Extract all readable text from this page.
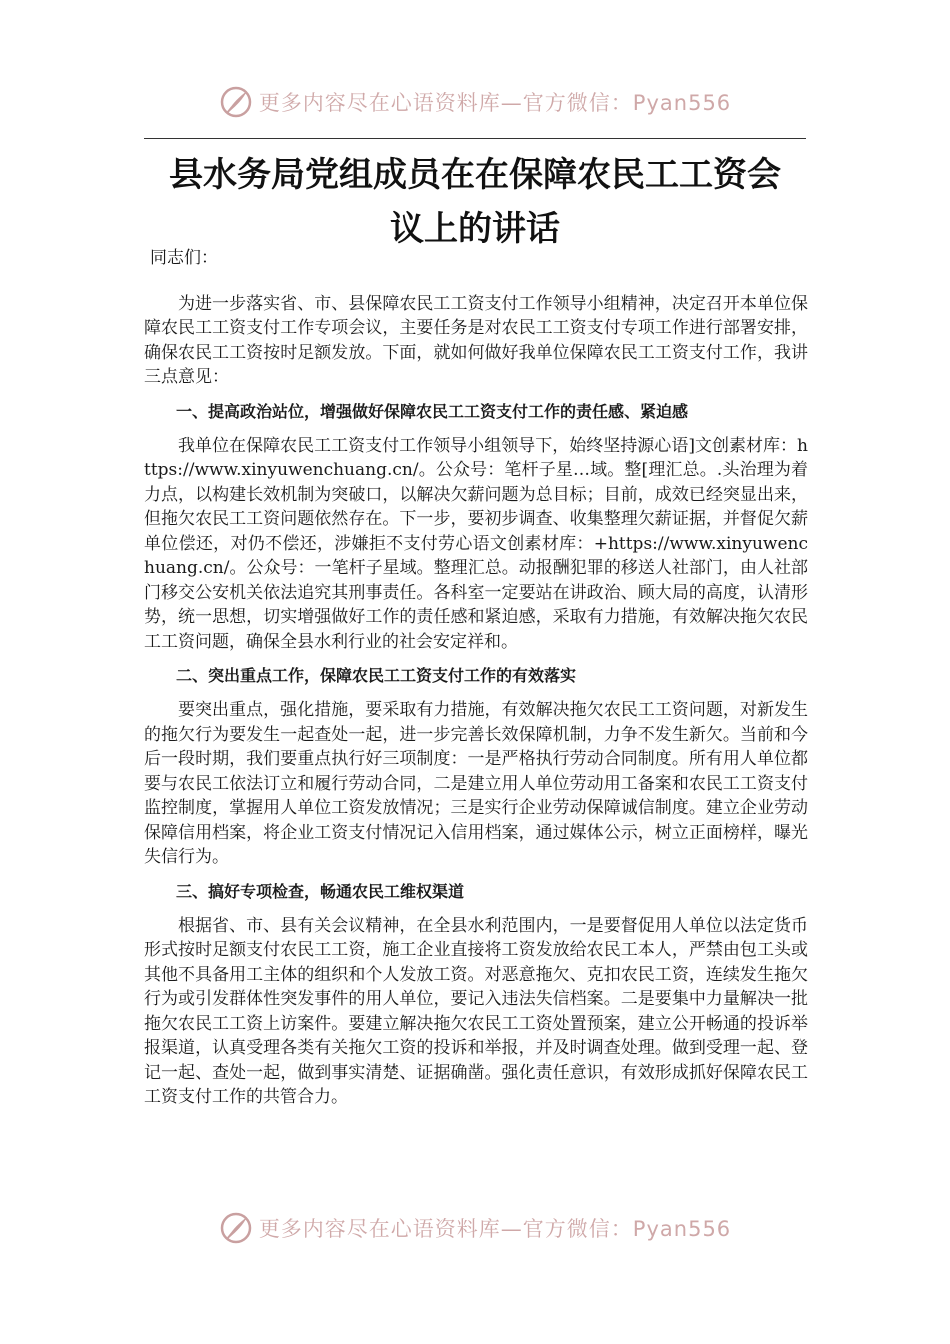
更多内容尽在心语资料库—官方微信：Pyan556
县水务局党组成员在在保障农民工工资会
议上的讲话

同志们：

为进一步落实省、市、县保障农民工工资支付工作领导小组精神，决定召开本单位保障农民工工资支付工作专项会议，主要任务是对农民工工资支付专项工作进行部署安排，确保农民工工资按时足额发放。下面，就如何做好我单位保障农民工工资支付工作，我讲三点意见：

一、提高政治站位，增强做好保障农民工工资支付工作的责任感、紧迫感

我单位在保障农民工工资支付工作领导小组领导下，始终坚持源心语]文创素材库：https://www.xinyuwenchuang.cn/。公众号：笔杆子星…域。整[理汇总。.头治理为着力点，以构建长效机制为突破口，以解决欠薪问题为总目标；目前，成效已经突显出来，但拖欠农民工工资问题依然存在。下一步，要初步调查、收集整理欠薪证据，并督促欠薪单位偿还，对仍不偿还，涉嫌拒不支付劳心语文创素材库：+https://www.xinyuwenchuang.cn/。公众号：一笔杆子星域。整理汇总。动报酬犯罪的移送人社部门，由人社部门移交公安机关依法追究其刑事责任。各科室一定要站在讲政治、顾大局的高度，认清形势，统一思想，切实增强做好工作的责任感和紧迫感，采取有力措施，有效解决拖欠农民工工资问题，确保全县水利行业的社会安定祥和。

二、突出重点工作，保障农民工工资支付工作的有效落实

要突出重点，强化措施，要采取有力措施，有效解决拖欠农民工工资问题，对新发生的拖欠行为要发生一起查处一起，进一步完善长效保障机制，力争不发生新欠。当前和今后一段时期，我们要重点执行好三项制度：一是严格执行劳动合同制度。所有用人单位都要与农民工依法订立和履行劳动合同，二是建立用人单位劳动用工备案和农民工工资支付监控制度，掌握用人单位工资发放情况；三是实行企业劳动保障诚信制度。建立企业劳动保障信用档案，将企业工资支付情况记入信用档案，通过媒体公示，树立正面榜样，曝光失信行为。

三、搞好专项检查，畅通农民工维权渠道

根据省、市、县有关会议精神，在全县水利范围内，一是要督促用人单位以法定货币形式按时足额支付农民工工资，施工企业直接将工资发放给农民工本人，严禁由包工头或其他不具备用工主体的组织和个人发放工资。对恶意拖欠、克扣农民工资，连续发生拖欠行为或引发群体性突发事件的用人单位，要记入违法失信档案。二是要集中力量解决一批拖欠农民工工资上访案件。要建立解决拖欠农民工工资处置预案，建立公开畅通的投诉举报渠道，认真受理各类有关拖欠工资的投诉和举报，并及时调查处理。做到受理一起、登记一起、查处一起，做到事实清楚、证据确凿。强化责任意识，有效形成抓好保障农民工工资支付工作的共管合力。

更多内容尽在心语资料库—官方微信：Pyan556
